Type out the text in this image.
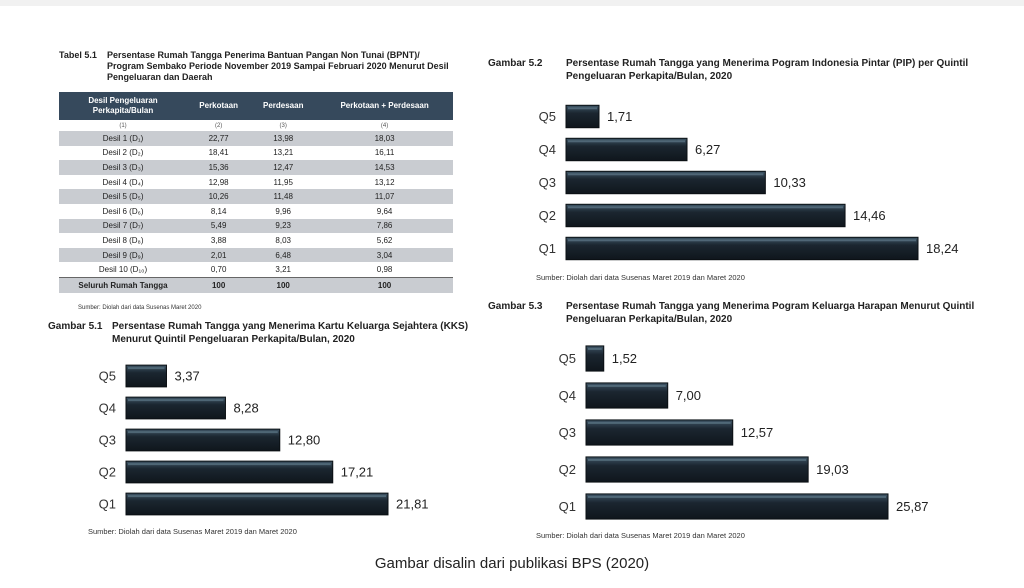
Tabel 5.1 Persentase Rumah Tangga Penerima Bantuan Pangan Non Tunai (BPNT)/ Program Sembako Periode November 2019 Sampai Februari 2020 Menurut Desil Pengeluaran dan Daerah
Desil Pengeluaran Perkapita/Bulan	Perkotaan	Perdesaan	Perkotaan + Perdesaan
(1)	(2)	(3)	(4)
Desil 1 (D₁)	22,77	13,98	18,03
Desil 2 (D₂)	18,41	13,21	16,11
Desil 3 (D₃)	15,36	12,47	14,53
Desil 4 (D₄)	12,98	11,95	13,12
Desil 5 (D₅)	10,26	11,48	11,07
Desil 6 (D₆)	8,14	9,96	9,64
Desil 7 (D₇)	5,49	9,23	7,86
Desil 8 (D₈)	3,88	8,03	5,62
Desil 9 (D₉)	2,01	6,48	3,04
Desil 10 (D₁₀)	0,70	3,21	0,98
Seluruh Rumah Tangga	100	100	100
Sumber: Diolah dari data Susenas Maret 2020
Gambar 5.1 Persentase Rumah Tangga yang Menerima Kartu Keluarga Sejahtera (KKS) Menurut Quintil Pengeluaran Perkapita/Bulan, 2020
Q5	3,37
Q4	8,28
Q3	12,80
Q2	17,21
Q1	21,81
Sumber: Diolah dari data Susenas Maret 2019 dan Maret 2020
Gambar 5.2 Persentase Rumah Tangga yang Menerima Pogram Indonesia Pintar (PIP) per Quintil Pengeluaran Perkapita/Bulan, 2020
Q5	1,71
Q4	6,27
Q3	10,33
Q2	14,46
Q1	18,24
Sumber: Diolah dari data Susenas Maret 2019 dan Maret 2020
Gambar 5.3 Persentase Rumah Tangga yang Menerima Pogram Keluarga Harapan Menurut Quintil Pengeluaran Perkapita/Bulan, 2020
Q5	1,52
Q4	7,00
Q3	12,57
Q2	19,03
Q1	25,87
Sumber: Diolah dari data Susenas Maret 2019 dan Maret 2020
Gambar disalin dari publikasi BPS (2020)
